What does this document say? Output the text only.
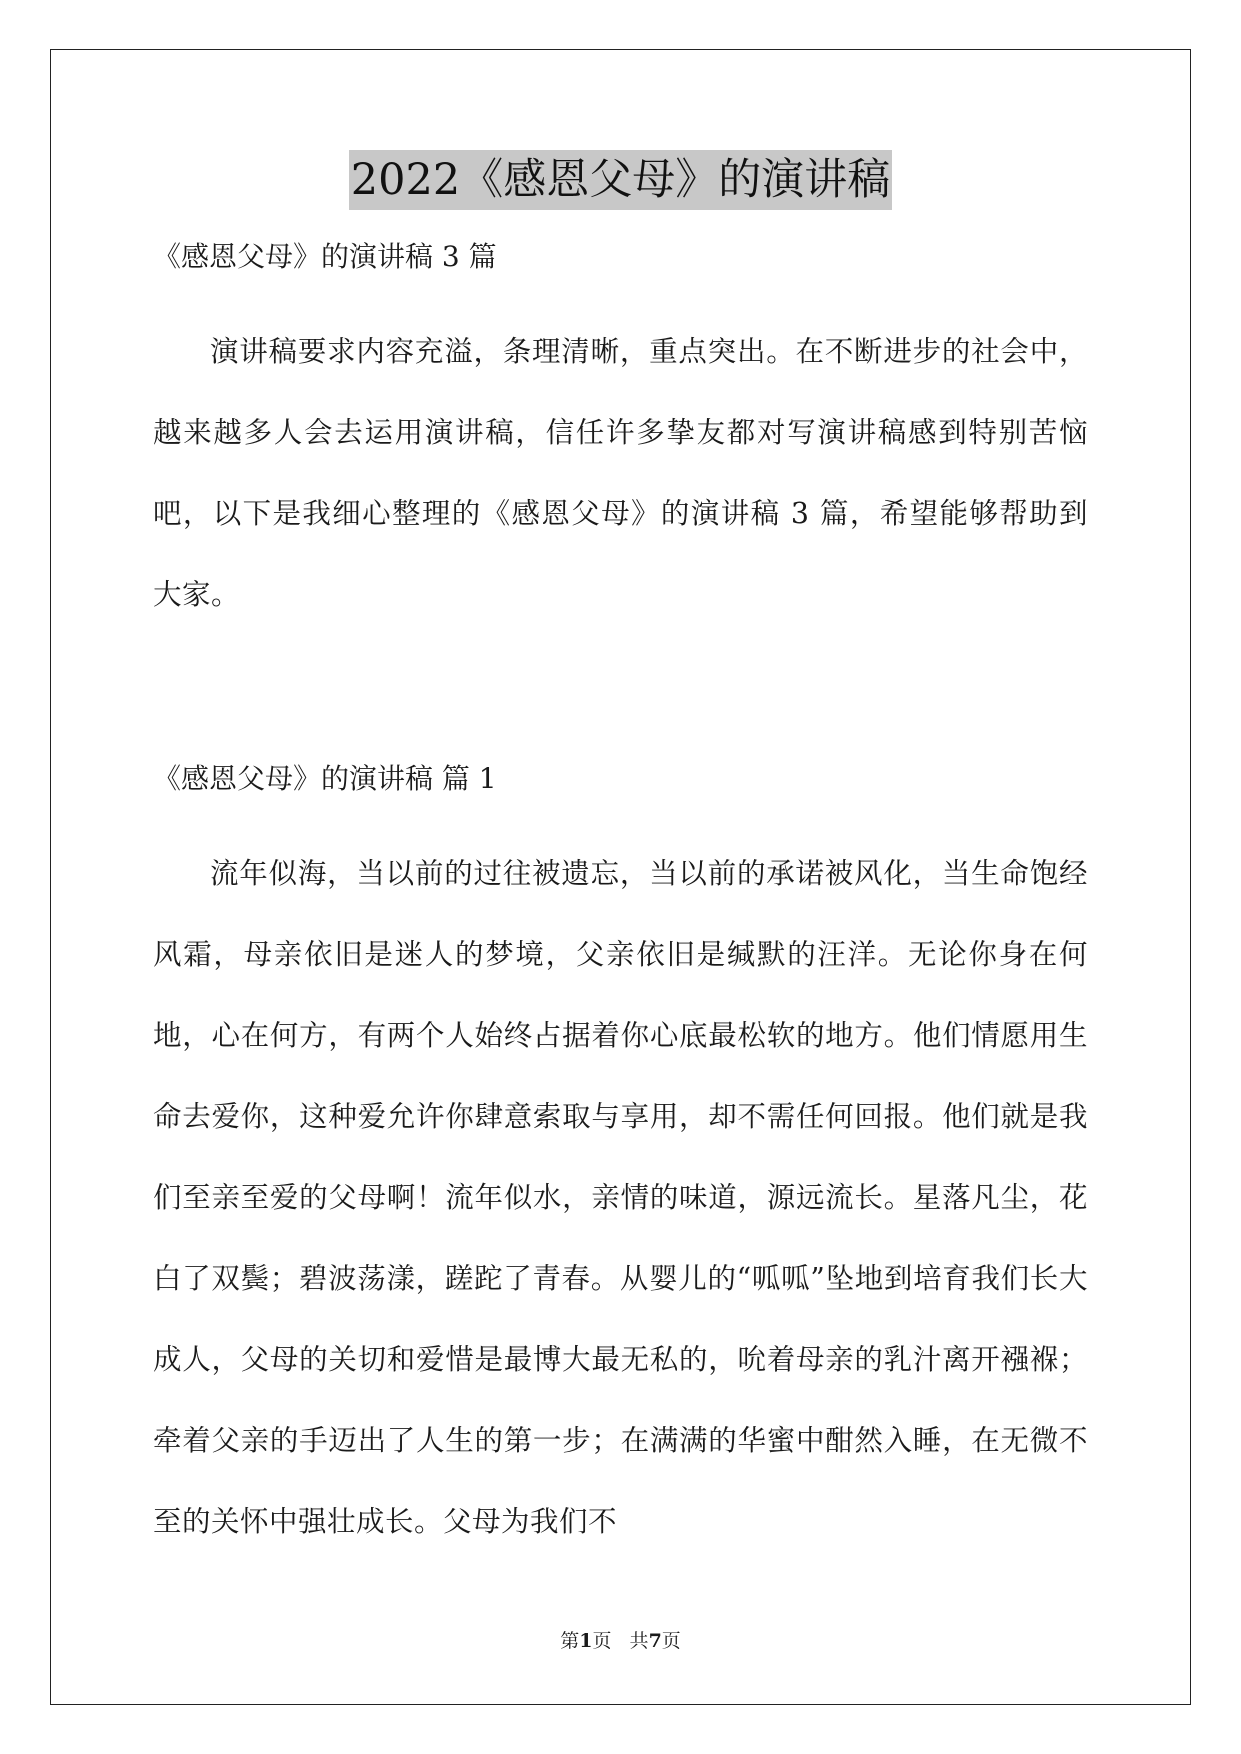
2022《感恩父母》的演讲稿

《感恩父母》的演讲稿 3 篇

演讲稿要求内容充溢，条理清晰，重点突出。在不断进步的社会中，越来越多人会去运用演讲稿，信任许多挚友都对写演讲稿感到特别苦恼吧，以下是我细心整理的《感恩父母》的演讲稿 3 篇，希望能够帮助到大家。

《感恩父母》的演讲稿 篇 1

流年似海，当以前的过往被遗忘，当以前的承诺被风化，当生命饱经风霜，母亲依旧是迷人的梦境，父亲依旧是缄默的汪洋。无论你身在何地，心在何方，有两个人始终占据着你心底最松软的地方。他们情愿用生命去爱你，这种爱允许你肆意索取与享用，却不需任何回报。他们就是我们至亲至爱的父母啊！流年似水，亲情的味道，源远流长。星落凡尘，花白了双鬓；碧波荡漾，蹉跎了青春。从婴儿的“呱呱”坠地到培育我们长大成人，父母的关切和爱惜是最博大最无私的，吮着母亲的乳汁离开襁褓；牵着父亲的手迈出了人生的第一步；在满满的华蜜中酣然入睡，在无微不至的关怀中强壮成长。父母为我们不

第1页   共7页
